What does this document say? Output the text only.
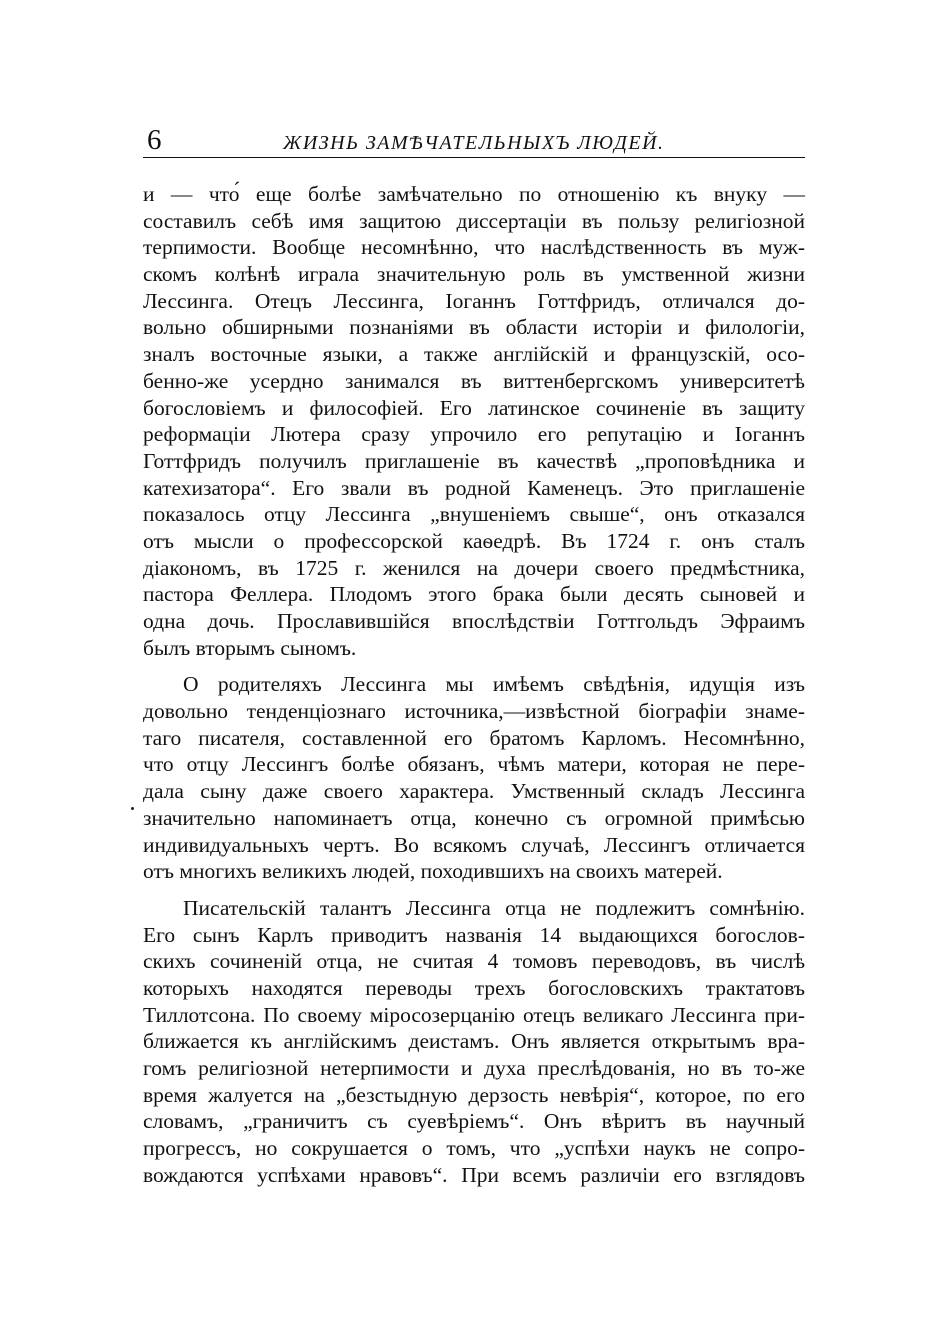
6	ЖИЗНЬ ЗАМѢЧАТЕЛЬНЫХЪ ЛЮДЕЙ.
и — что́ еще болѣе замѣчательно по отношенію къ внуку —
составилъ себѣ имя защитою диссертаціи въ пользу религіозной
терпимости. Вообще несомнѣнно, что наслѣдственность въ муж-
скомъ колѣнѣ играла значительную роль въ умственной жизни
Лессинга. Отецъ Лессинга, Іоганнъ Готтфридъ, отличался до-
вольно обширными познаніями въ области исторіи и филологіи,
зналъ восточные языки, а также англійскій и французскій, осо-
бенно-же усердно занимался въ виттенбергскомъ университетѣ
богословіемъ и философіей. Его латинское сочиненіе въ защиту
реформаціи Лютера сразу упрочило его репутацію и Іоганнъ
Готтфридъ получилъ приглашеніе въ качествѣ „проповѣдника и
катехизатора“. Его звали въ родной Каменецъ. Это приглашеніе
показалось отцу Лессинга „внушеніемъ свыше“, онъ отказался
отъ мысли о профессорской каѳедрѣ. Въ 1724 г. онъ сталъ
діакономъ, въ 1725 г. женился на дочери своего предмѣстника,
пастора Феллера. Плодомъ этого брака были десять сыновей и
одна дочь. Прославившійся впослѣдствіи Готтгольдъ Эфраимъ
былъ вторымъ сыномъ.
О родителяхъ Лессинга мы имѣемъ свѣдѣнія, идущія изъ
довольно тенденціознаго источника,—извѣстной біографіи знаме-
таго писателя, составленной его братомъ Карломъ. Несомнѣнно,
что отцу Лессингъ болѣе обязанъ, чѣмъ матери, которая не пере-
дала сыну даже своего характера. Умственный складъ Лессинга
значительно напоминаетъ отца, конечно съ огромной примѣсью
индивидуальныхъ чертъ. Во всякомъ случаѣ, Лессингъ отличается
отъ многихъ великихъ людей, походившихъ на своихъ матерей.
Писательскій талантъ Лессинга отца не подлежитъ сомнѣнію.
Его сынъ Карлъ приводитъ названія 14 выдающихся богослов-
скихъ сочиненій отца, не считая 4 томовъ переводовъ, въ числѣ
которыхъ находятся переводы трехъ богословскихъ трактатовъ
Тиллотсона. По своему міросозерцанію отецъ великаго Лессинга при-
ближается къ англійскимъ деистамъ. Онъ является открытымъ вра-
гомъ религіозной нетерпимости и духа преслѣдованія, но въ то-же
время жалуется на „безстыдную дерзость невѣрія“, которое, по его
словамъ, „граничитъ съ суевѣріемъ“. Онъ вѣритъ въ научный
прогрессъ, но сокрушается о томъ, что „успѣхи наукъ не сопро-
вождаются успѣхами нравовъ“. При всемъ различіи его взглядовъ
